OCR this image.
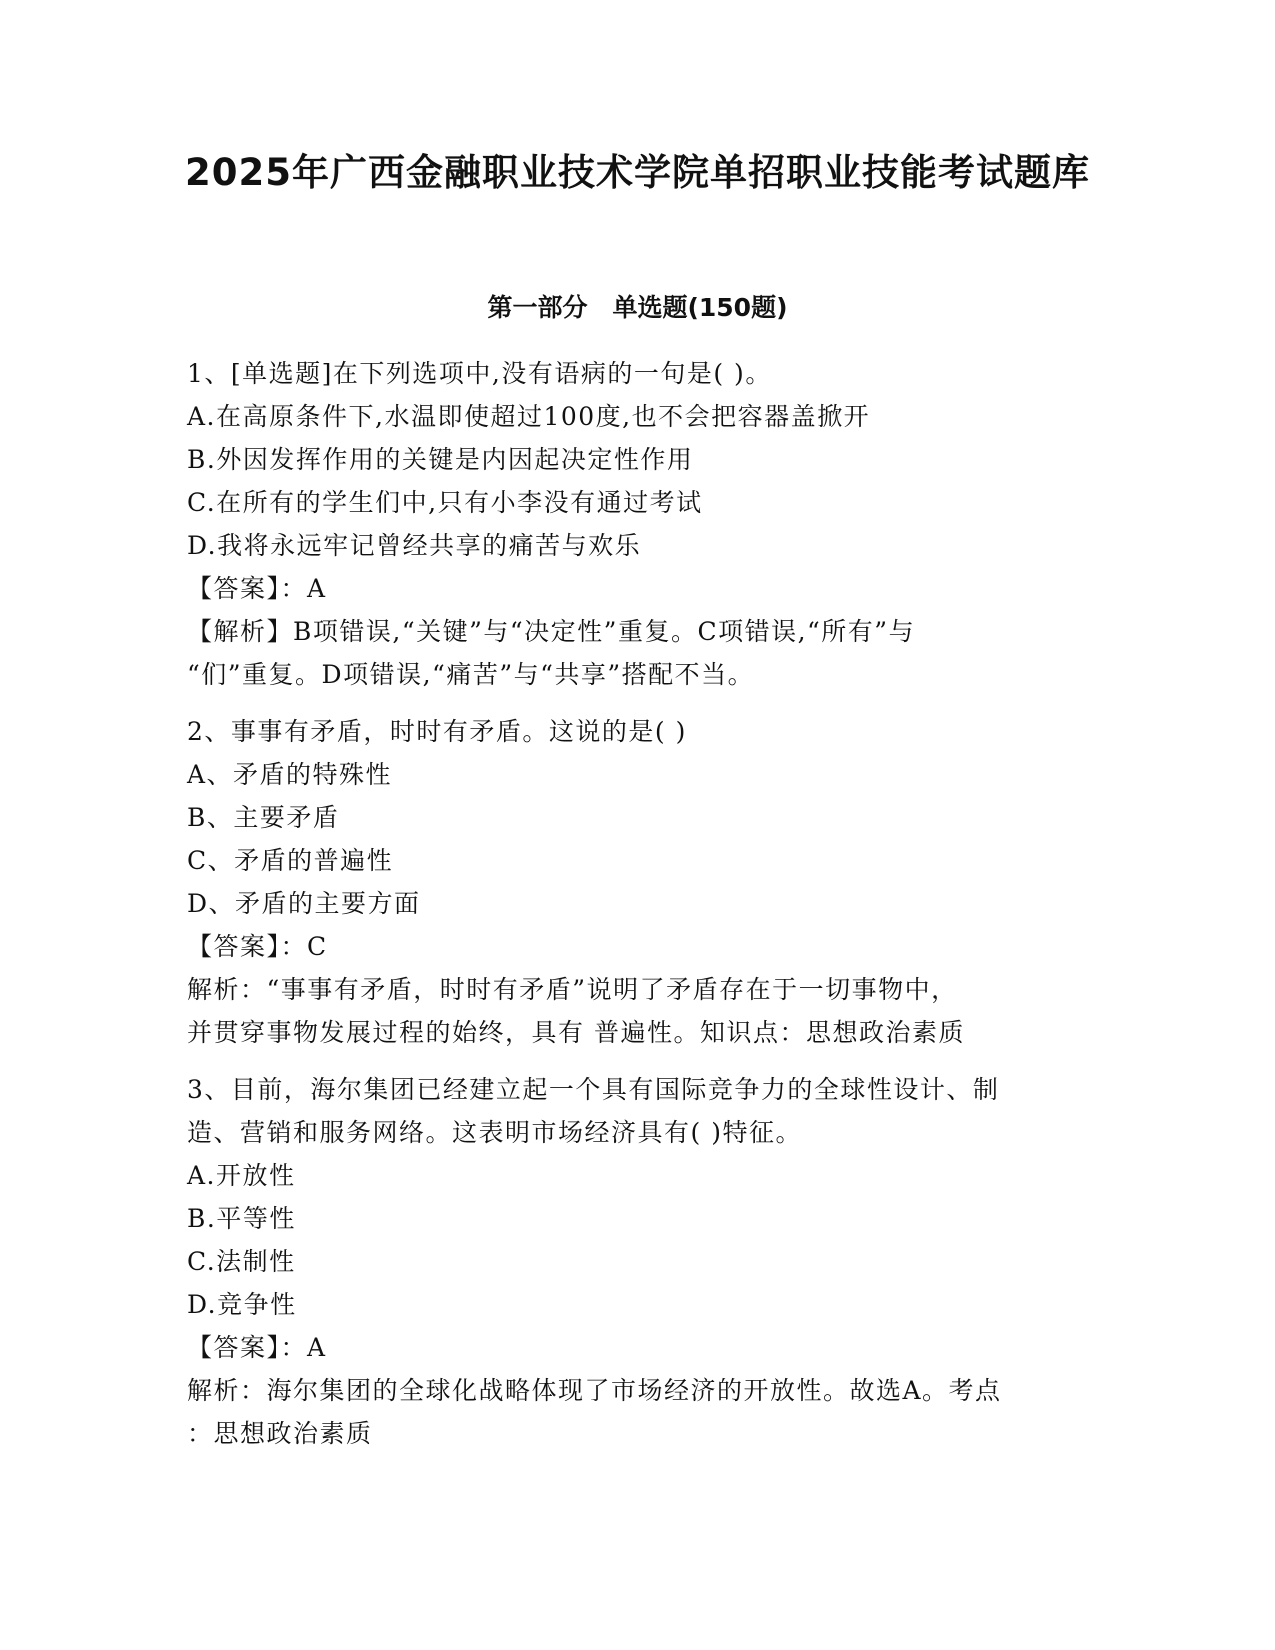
2025年广西金融职业技术学院单招职业技能考试题库
第一部分　单选题(150题)
1、[单选题]在下列选项中,没有语病的一句是( )。
A.在高原条件下,水温即使超过100度,也不会把容器盖掀开
B.外因发挥作用的关键是内因起决定性作用
C.在所有的学生们中,只有小李没有通过考试
D.我将永远牢记曾经共享的痛苦与欢乐
【答案】：A
【解析】B项错误,“关键”与“决定性”重复。C项错误,“所有”与
“们”重复。D项错误,“痛苦”与“共享”搭配不当。
2、事事有矛盾，时时有矛盾。这说的是( )
A、矛盾的特殊性
B、主要矛盾
C、矛盾的普遍性
D、矛盾的主要方面
【答案】：C
解析：“事事有矛盾，时时有矛盾”说明了矛盾存在于一切事物中，
并贯穿事物发展过程的始终，具有 普遍性。知识点：思想政治素质
3、目前，海尔集团已经建立起一个具有国际竞争力的全球性设计、制
造、营销和服务网络。这表明市场经济具有( )特征。
A.开放性
B.平等性
C.法制性
D.竞争性
【答案】：A
解析：海尔集团的全球化战略体现了市场经济的开放性。故选A。考点
：思想政治素质
